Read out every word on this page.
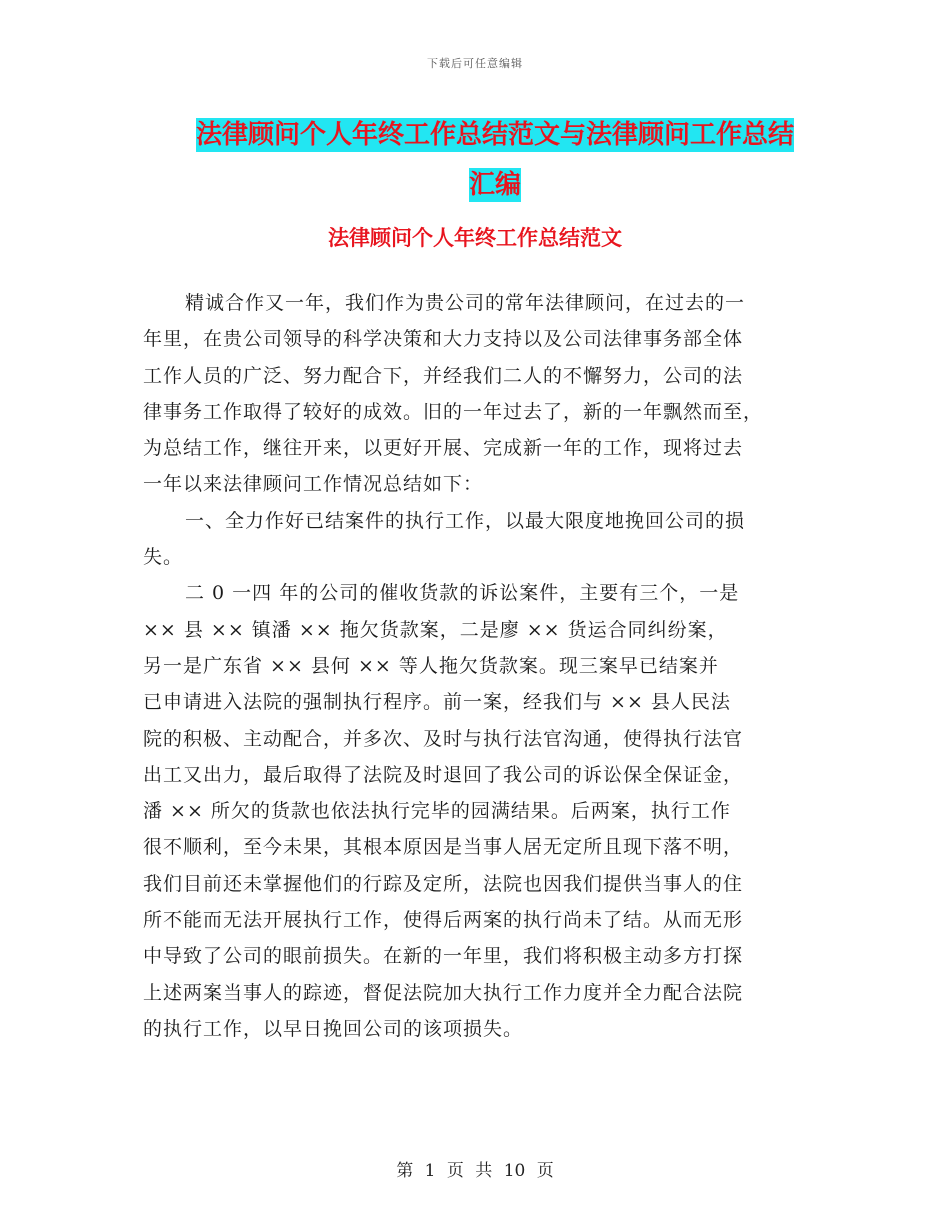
下载后可任意编辑
法律顾问个人年终工作总结范文与法律顾问工作总结
汇编
法律顾问个人年终工作总结范文
精诚合作又一年，我们作为贵公司的常年法律顾问，在过去的一
年里，在贵公司领导的科学决策和大力支持以及公司法律事务部全体
工作人员的广泛、努力配合下，并经我们二人的不懈努力，公司的法
律事务工作取得了较好的成效。旧的一年过去了，新的一年飘然而至，
为总结工作，继往开来，以更好开展、完成新一年的工作，现将过去
一年以来法律顾问工作情况总结如下：
一、全力作好已结案件的执行工作，以最大限度地挽回公司的损
失。
二 0 一四 年的公司的催收货款的诉讼案件，主要有三个，一是
×× 县 ×× 镇潘 ×× 拖欠货款案，二是廖 ×× 货运合同纠纷案，
另一是广东省 ×× 县何 ×× 等人拖欠货款案。现三案早已结案并
已申请进入法院的强制执行程序。前一案，经我们与 ×× 县人民法
院的积极、主动配合，并多次、及时与执行法官沟通，使得执行法官
出工又出力，最后取得了法院及时退回了我公司的诉讼保全保证金，
潘 ×× 所欠的货款也依法执行完毕的园满结果。后两案，执行工作
很不顺利，至今未果，其根本原因是当事人居无定所且现下落不明，
我们目前还未掌握他们的行踪及定所，法院也因我们提供当事人的住
所不能而无法开展执行工作，使得后两案的执行尚未了结。从而无形
中导致了公司的眼前损失。在新的一年里，我们将积极主动多方打探
上述两案当事人的踪迹，督促法院加大执行工作力度并全力配合法院
的执行工作，以早日挽回公司的该项损失。
第 1 页 共 10 页
